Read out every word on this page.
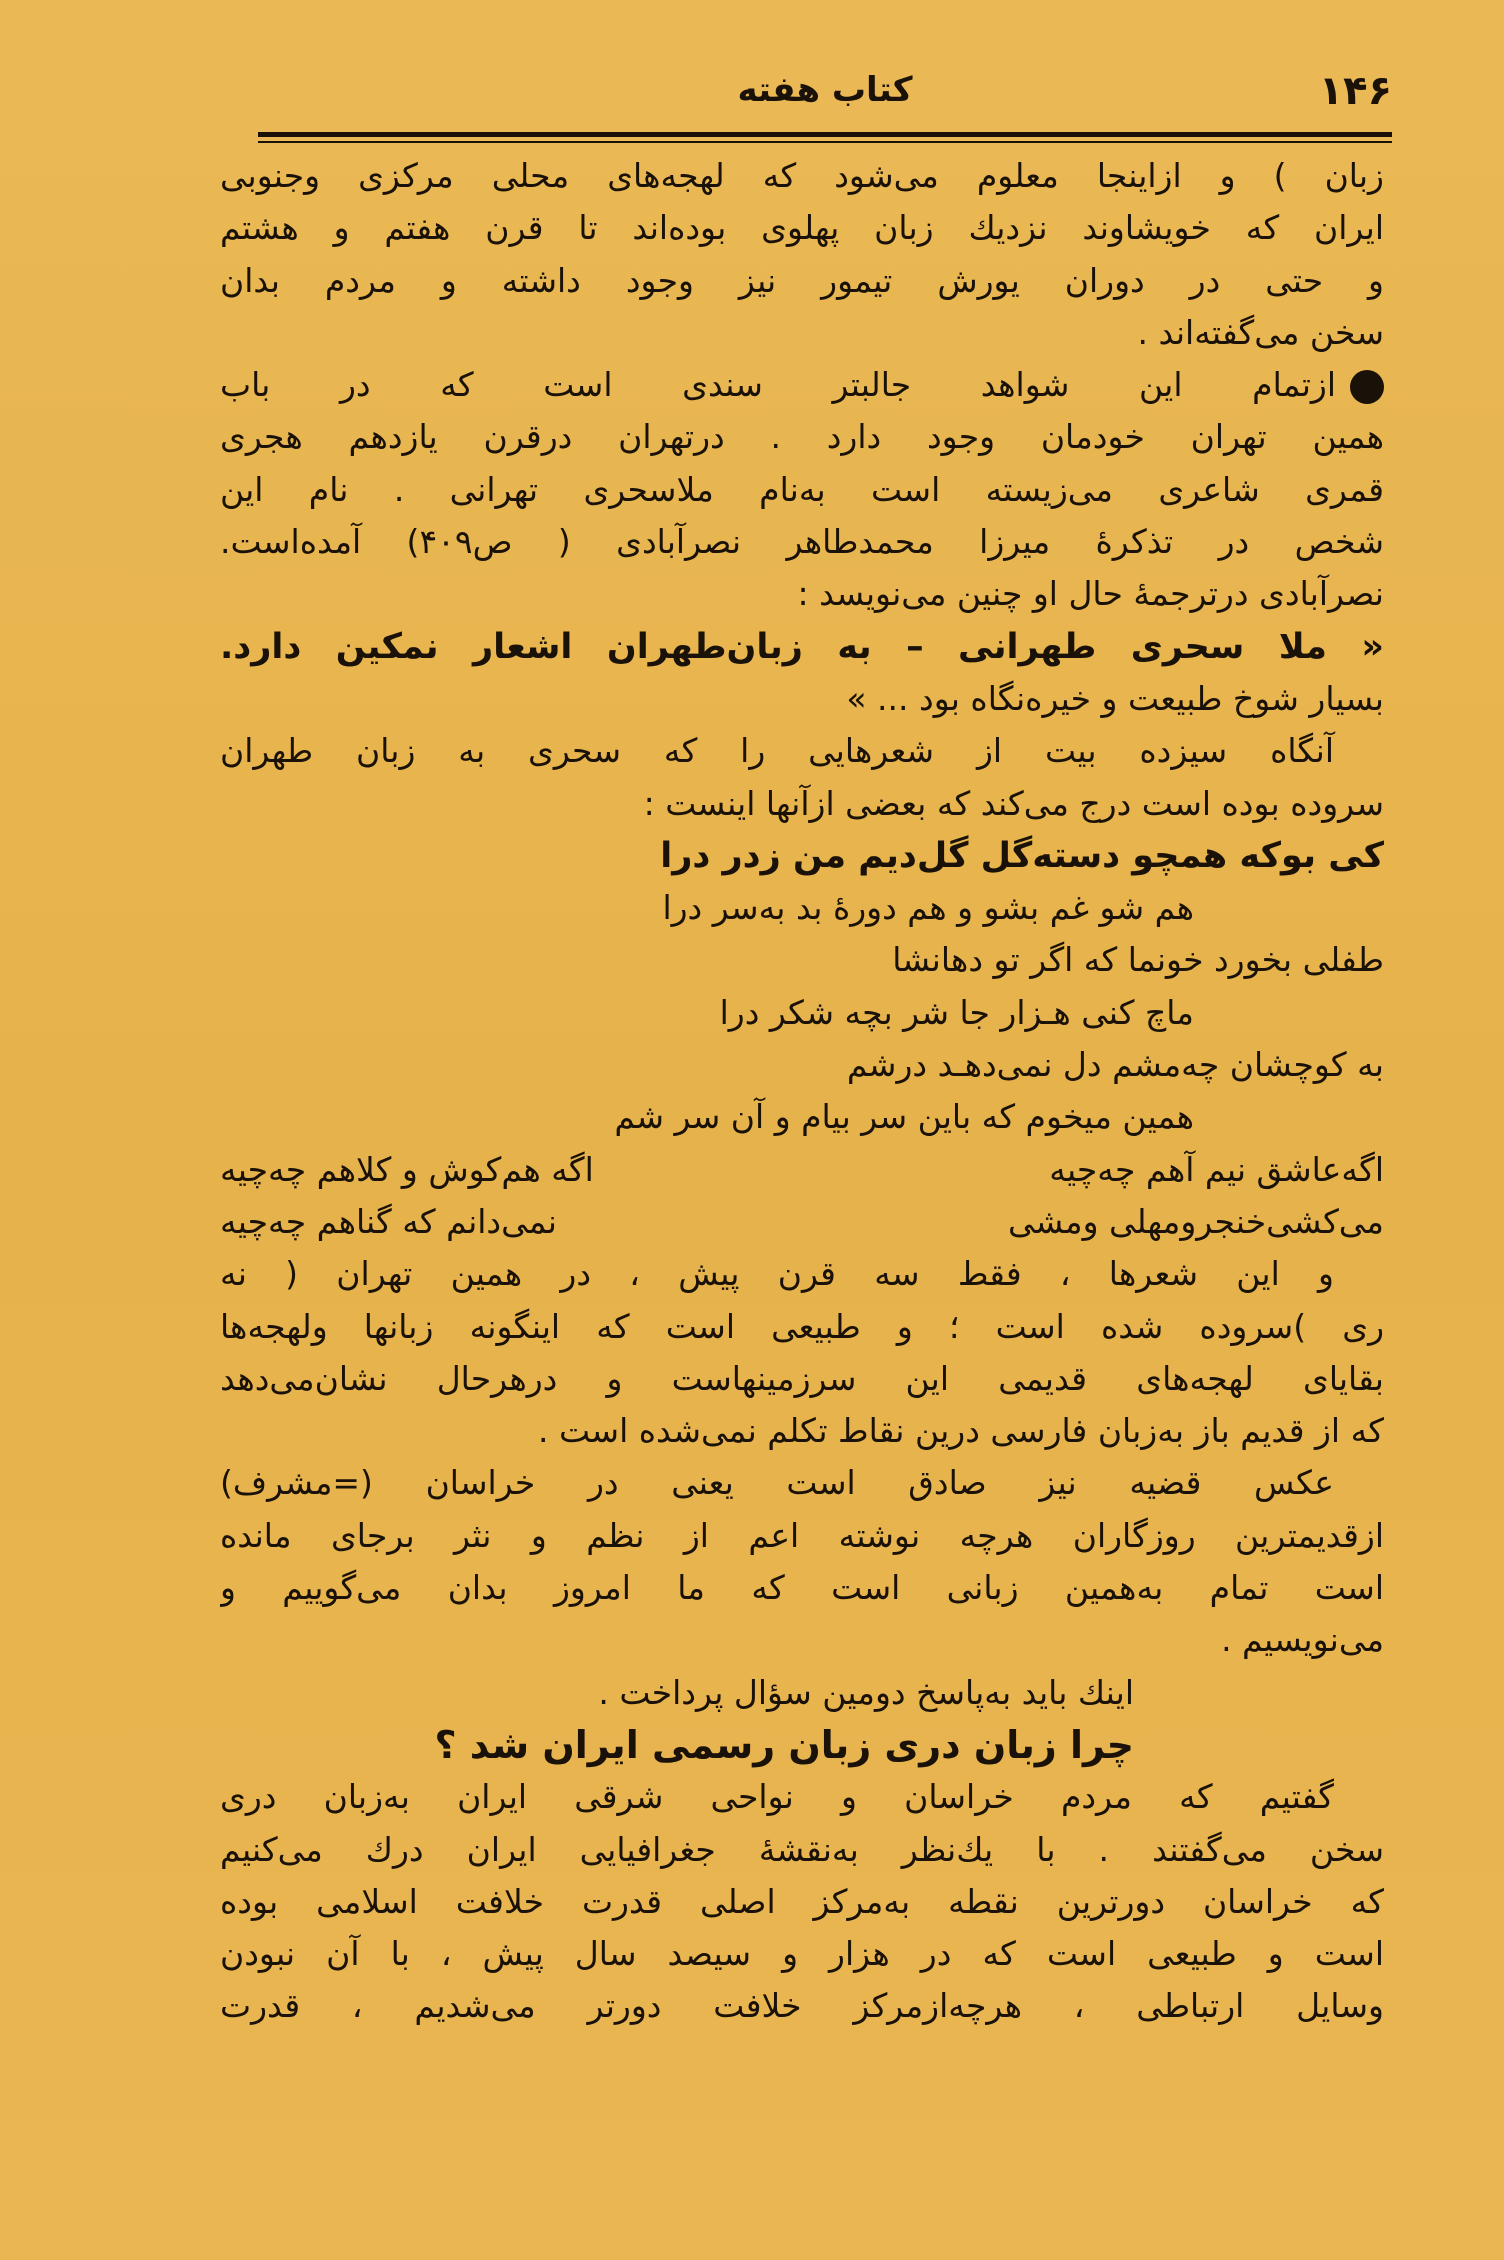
۱۴۶
کتاب هفته
زبان ) و ازاینجا معلوم می‌شود که لهجه‌های محلی مرکزی وجنوبی
ایران که خویشاوند نزدیك زبان پهلوی بوده‌اند تا قرن هفتم و هشتم
و حتی در دوران یورش تیمور نیز وجود داشته و مردم بدان
سخن می‌گفته‌اند .
ازتمام این شواهد جالبتر سندی است که در باب
همین تهران خودمان وجود دارد . درتهران درقرن یازدهم هجری
قمری شاعری می‌زیسته است به‌نام ملاسحری تهرانی . نام این
شخص در تذکرهٔ میرزا محمدطاهر نصرآبادی ( ص۴۰۹) آمده‌است.
نصرآبادی درترجمهٔ حال او چنین می‌نویسد :
« ملا سحری طهرانی – به زبان‌طهران اشعار نمکین دارد.
بسیار شوخ طبیعت و خیره‌نگاه بود ... »
آنگاه سیزده بیت از شعرهایی را که سحری به زبان طهران
سروده بوده است درج می‌کند که بعضی ازآنها اینست :
کی بوکه همچو دسته‌گل گل‌دیم من زدر درا
هم شو غم بشو و هم دورهٔ بد به‌سر درا
طفلی بخورد خونما که اگر تو دهانشا
ماچ کنی هـزار جا شر بچه شکر درا
به کوچشان چه‌مشم دل نمی‌دهـد درشم
همین میخوم که باین سر بیام و آن سر شم
اگه‌عاشق نیم آهم چه‌چیه
اگه هم‌کوش و کلاهم چه‌چیه
می‌کشی‌خنجرومهلی ومشی
نمی‌دانم که گناهم چه‌چیه
و این شعرها ، فقط سه قرن پیش ، در همین تهران ( نه
ری )سروده شده است ؛ و طبیعی است که اینگونه زبانها ولهجه‌ها
بقایای لهجه‌های قدیمی این سرزمینهاست و درهرحال نشان‌می‌دهد
که از قدیم باز به‌زبان فارسی درین نقاط تکلم نمی‌شده است .
عکس قضیه نیز صادق است یعنی در خراسان (=مشرف)
ازقدیمترین روزگاران هرچه نوشته اعم از نظم و نثر برجای مانده
است تمام به‌همین زبانی است که ما امروز بدان می‌گوییم و
می‌نویسیم .
اینك باید به‌پاسخ دومین سؤال پرداخت .
چرا زبان دری زبان رسمی ایران شد ؟
گفتیم که مردم خراسان و نواحی شرقی ایران به‌زبان دری
سخن می‌گفتند . با یك‌نظر به‌نقشهٔ جغرافیایی ایران درك می‌کنیم
که خراسان دورترین نقطه به‌مرکز اصلی قدرت خلافت اسلامی بوده
است و طبیعی است که در هزار و سیصد سال پیش ، با آن نبودن
وسایل ارتباطی ، هرچه‌ازمرکز خلافت دورتر می‌شدیم ، قدرت
